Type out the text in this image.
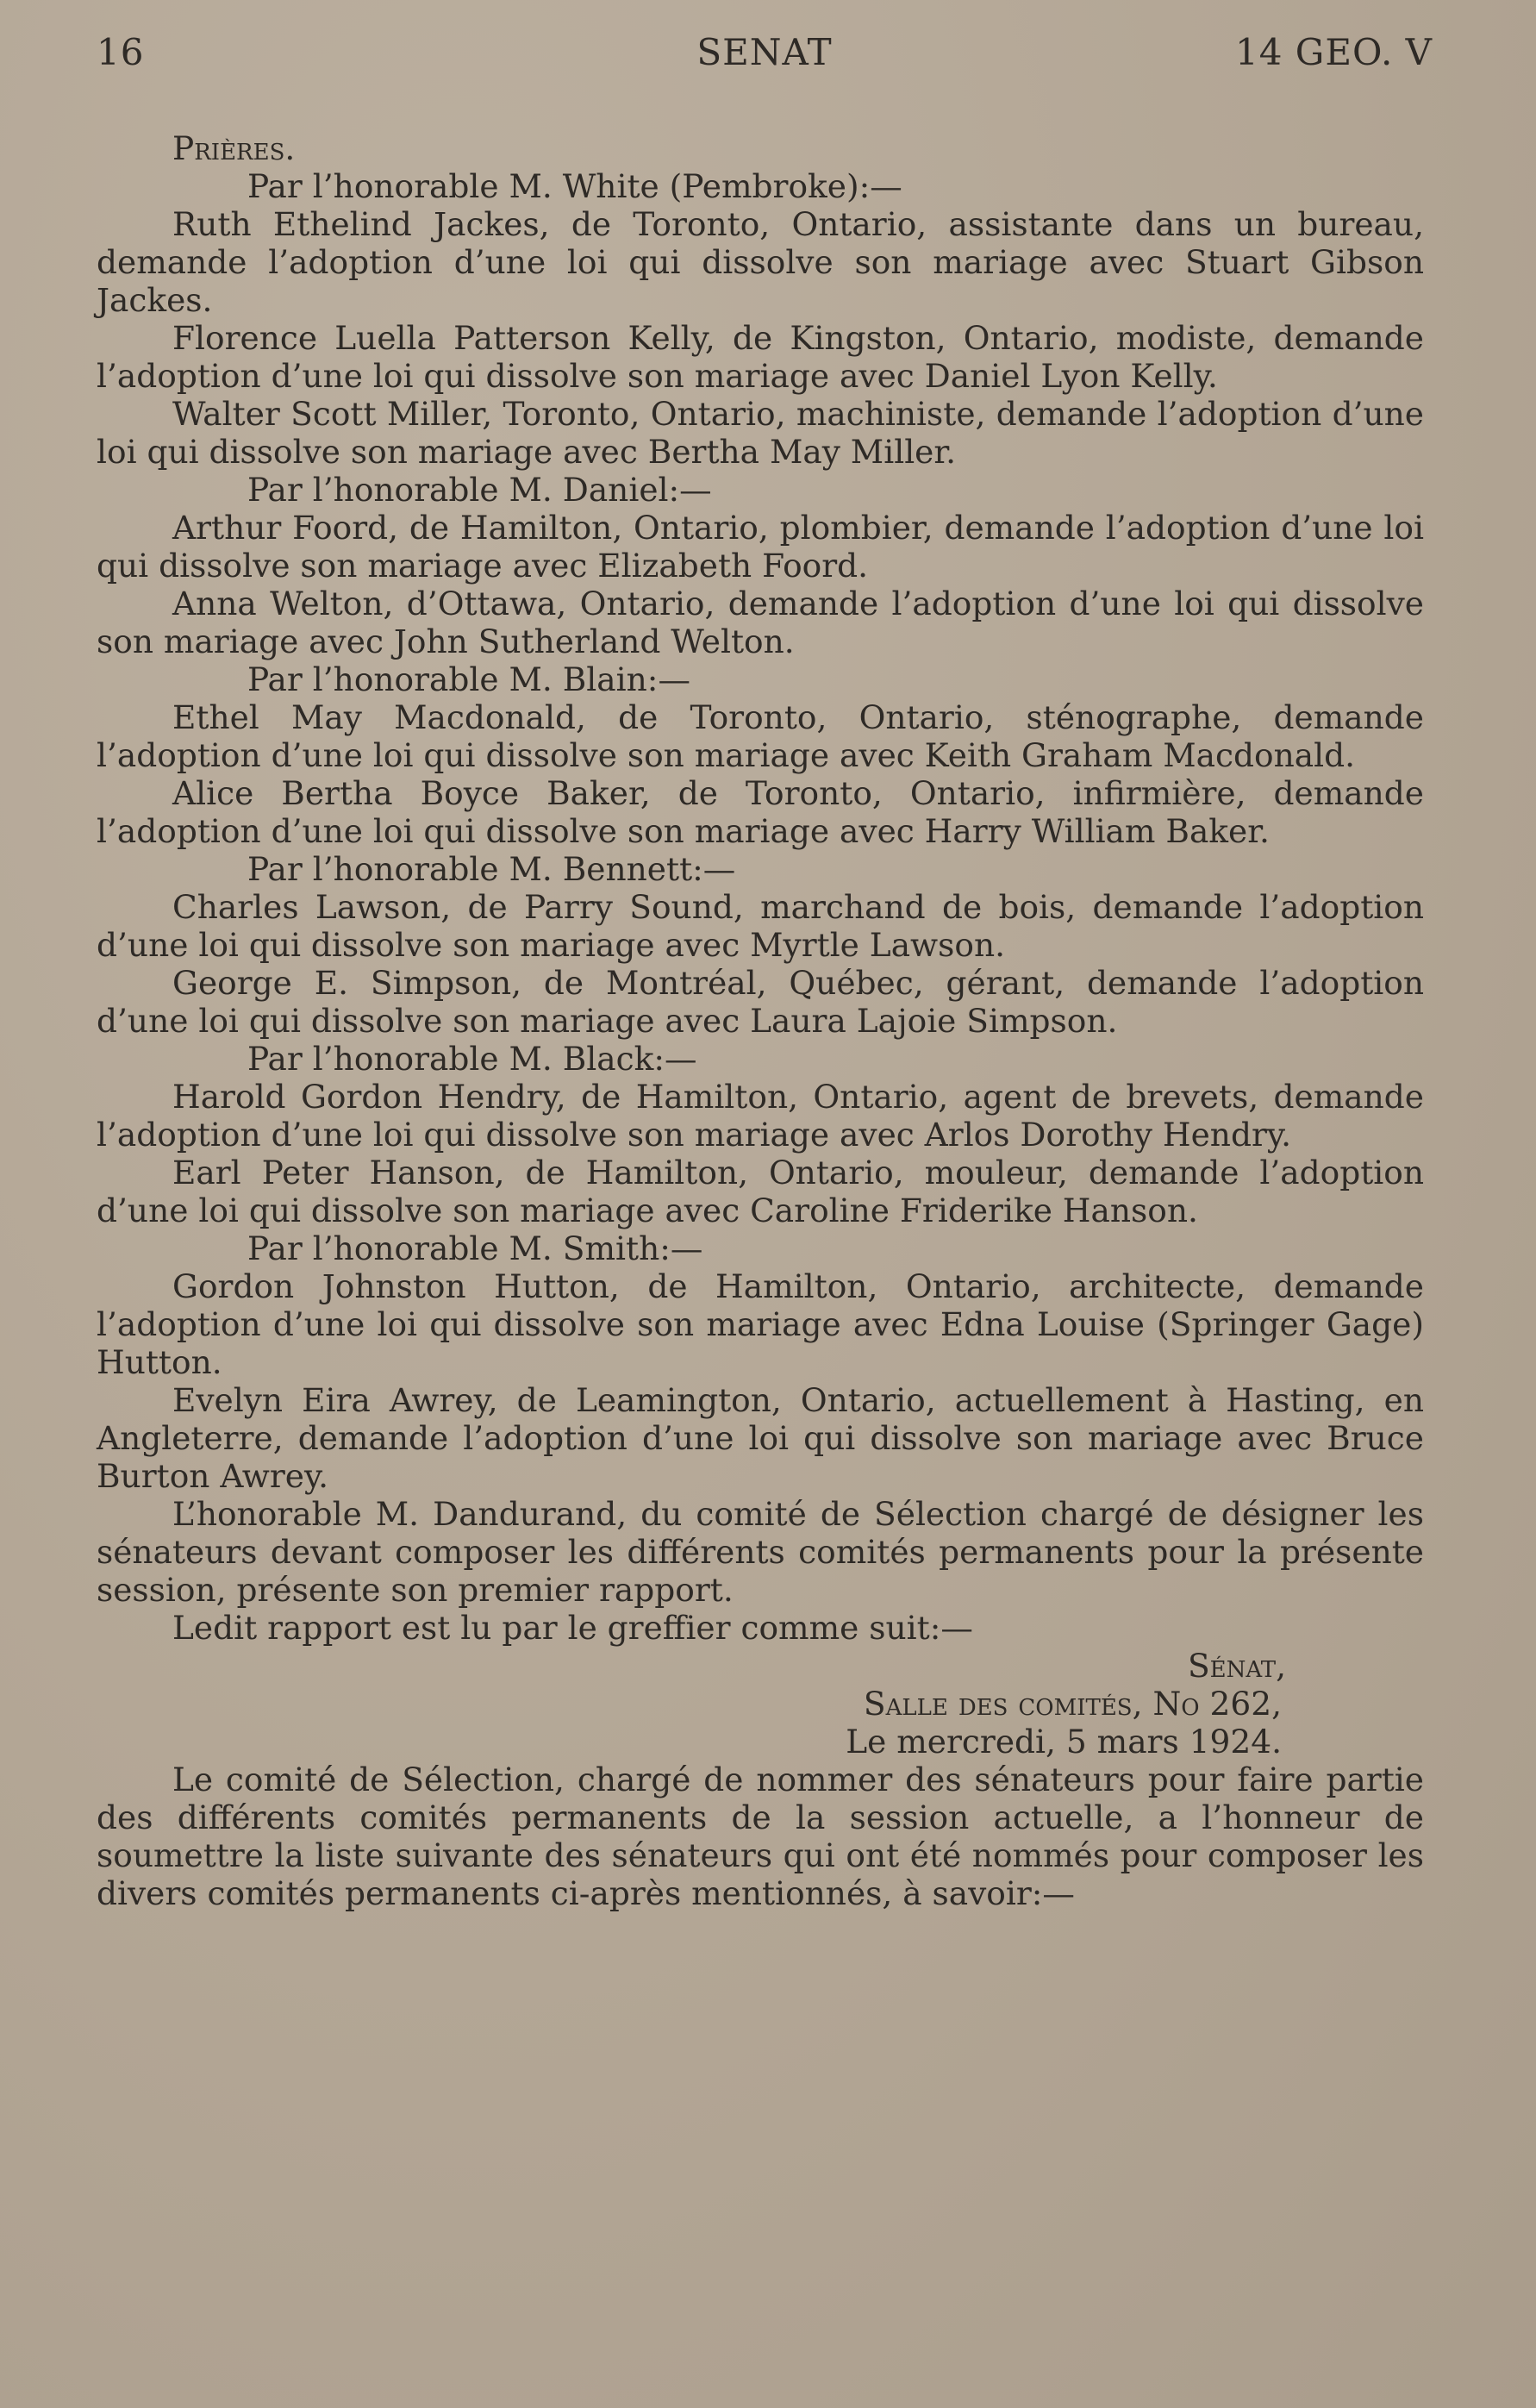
16	SENAT	14 GEO. V

Prières.

Par l’honorable M. White (Pembroke):—

Ruth Ethelind Jackes, de Toronto, Ontario, assistante dans un bureau, demande l’adoption d’une loi qui dissolve son mariage avec Stuart Gibson Jackes.

Florence Luella Patterson Kelly, de Kingston, Ontario, modiste, demande l’adoption d’une loi qui dissolve son mariage avec Daniel Lyon Kelly.

Walter Scott Miller, Toronto, Ontario, machiniste, demande l’adoption d’une loi qui dissolve son mariage avec Bertha May Miller.

Par l’honorable M. Daniel:—

Arthur Foord, de Hamilton, Ontario, plombier, demande l’adoption d’une loi qui dissolve son mariage avec Elizabeth Foord.

Anna Welton, d’Ottawa, Ontario, demande l’adoption d’une loi qui dissolve son mariage avec John Sutherland Welton.

Par l’honorable M. Blain:—

Ethel May Macdonald, de Toronto, Ontario, sténographe, demande l’adoption d’une loi qui dissolve son mariage avec Keith Graham Macdonald.

Alice Bertha Boyce Baker, de Toronto, Ontario, infirmière, demande l’adoption d’une loi qui dissolve son mariage avec Harry William Baker.

Par l’honorable M. Bennett:—

Charles Lawson, de Parry Sound, marchand de bois, demande l’adoption d’une loi qui dissolve son mariage avec Myrtle Lawson.

George E. Simpson, de Montréal, Québec, gérant, demande l’adoption d’une loi qui dissolve son mariage avec Laura Lajoie Simpson.

Par l’honorable M. Black:—

Harold Gordon Hendry, de Hamilton, Ontario, agent de brevets, demande l’adoption d’une loi qui dissolve son mariage avec Arlos Dorothy Hendry.

Earl Peter Hanson, de Hamilton, Ontario, mouleur, demande l’adoption d’une loi qui dissolve son mariage avec Caroline Friderike Hanson.

Par l’honorable M. Smith:—

Gordon Johnston Hutton, de Hamilton, Ontario, architecte, demande l’adoption d’une loi qui dissolve son mariage avec Edna Louise (Springer Gage) Hutton.

Evelyn Eira Awrey, de Leamington, Ontario, actuellement à Hasting, en Angleterre, demande l’adoption d’une loi qui dissolve son mariage avec Bruce Burton Awrey.

L’honorable M. Dandurand, du comité de Sélection chargé de désigner les sénateurs devant composer les différents comités permanents pour la présente session, présente son premier rapport.

Ledit rapport est lu par le greffier comme suit:—

Sénat,

Salle des comités, No 262,

Le mercredi, 5 mars 1924.

Le comité de Sélection, chargé de nommer des sénateurs pour faire partie des différents comités permanents de la session actuelle, a l’honneur de soumettre la liste suivante des sénateurs qui ont été nommés pour composer les divers comités permanents ci-après mentionnés, à savoir:—
